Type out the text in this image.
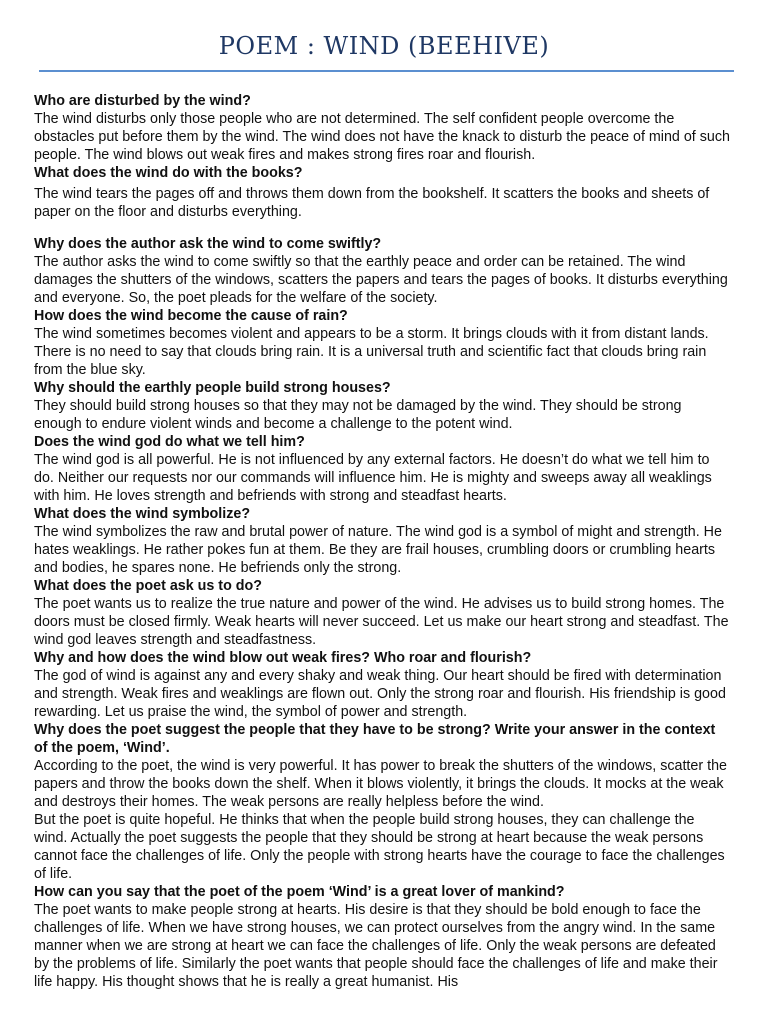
POEM : WIND (BEEHIVE)

Who are disturbed by the wind?

The wind disturbs only those people who are not determined. The self confident people overcome the obstacles put before them by the wind. The wind does not have the knack to disturb the peace of mind of such people. The wind blows out weak fires and makes strong fires roar and flourish.

What does the wind do with the books?

The wind tears the pages off and throws them down from the bookshelf. It scatters the books and sheets of paper on the floor and disturbs everything.

Why does the author ask the wind to come swiftly?

The author asks the wind to come swiftly so that the earthly peace and order can be retained. The wind damages the shutters of the windows, scatters the papers and tears the pages of books. It disturbs everything and everyone. So, the poet pleads for the welfare of the society.

How does the wind become the cause of rain?

The wind sometimes becomes violent and appears to be a storm. It brings clouds with it from distant lands. There is no need to say that clouds bring rain. It is a universal truth and scientific fact that clouds bring rain from the blue sky.

Why should the earthly people build strong houses?

They should build strong houses so that they may not be damaged by the wind. They should be strong enough to endure violent winds and become a challenge to the potent wind.

Does the wind god do what we tell him?

The wind god is all powerful. He is not influenced by any external factors. He doesn’t do what we tell him to do. Neither our requests nor our commands will influence him. He is mighty and sweeps away all weaklings with him. He loves strength and befriends with strong and steadfast hearts.

What does the wind symbolize?

The wind symbolizes the raw and brutal power of nature. The wind god is a symbol of might and strength. He hates weaklings. He rather pokes fun at them. Be they are frail houses, crumbling doors or crumbling hearts and bodies, he spares none. He befriends only the strong.

What does the poet ask us to do?

The poet wants us to realize the true nature and power of the wind. He advises us to build strong homes. The doors must be closed firmly. Weak hearts will never succeed. Let us make our heart strong and steadfast. The wind god leaves strength and steadfastness.

Why and how does the wind blow out weak fires? Who roar and flourish?

The god of wind is against any and every shaky and weak thing. Our heart should be fired with determination and strength. Weak fires and weaklings are flown out. Only the strong roar and flourish. His friendship is good rewarding. Let us praise the wind, the symbol of power and strength.

Why does the poet suggest the people that they have to be strong? Write your answer in the context of the poem, ‘Wind’.

According to the poet, the wind is very powerful. It has power to break the shutters of the windows, scatter the papers and throw the books down the shelf. When it blows violently, it brings the clouds. It mocks at the weak and destroys their homes. The weak persons are really helpless before the wind.

But the poet is quite hopeful. He thinks that when the people build strong houses, they can challenge the wind. Actually the poet suggests the people that they should be strong at heart because the weak persons cannot face the challenges of life. Only the people with strong hearts have the courage to face the challenges of life.

How can you say that the poet of the poem ‘Wind’ is a great lover of mankind?

The poet wants to make people strong at hearts. His desire is that they should be bold enough to face the challenges of life. When we have strong houses, we can protect ourselves from the angry wind. In the same manner when we are strong at heart we can face the challenges of life. Only the weak persons are defeated by the problems of life. Similarly the poet wants that people should face the challenges of life and make their life happy. His thought shows that he is really a great humanist. His
